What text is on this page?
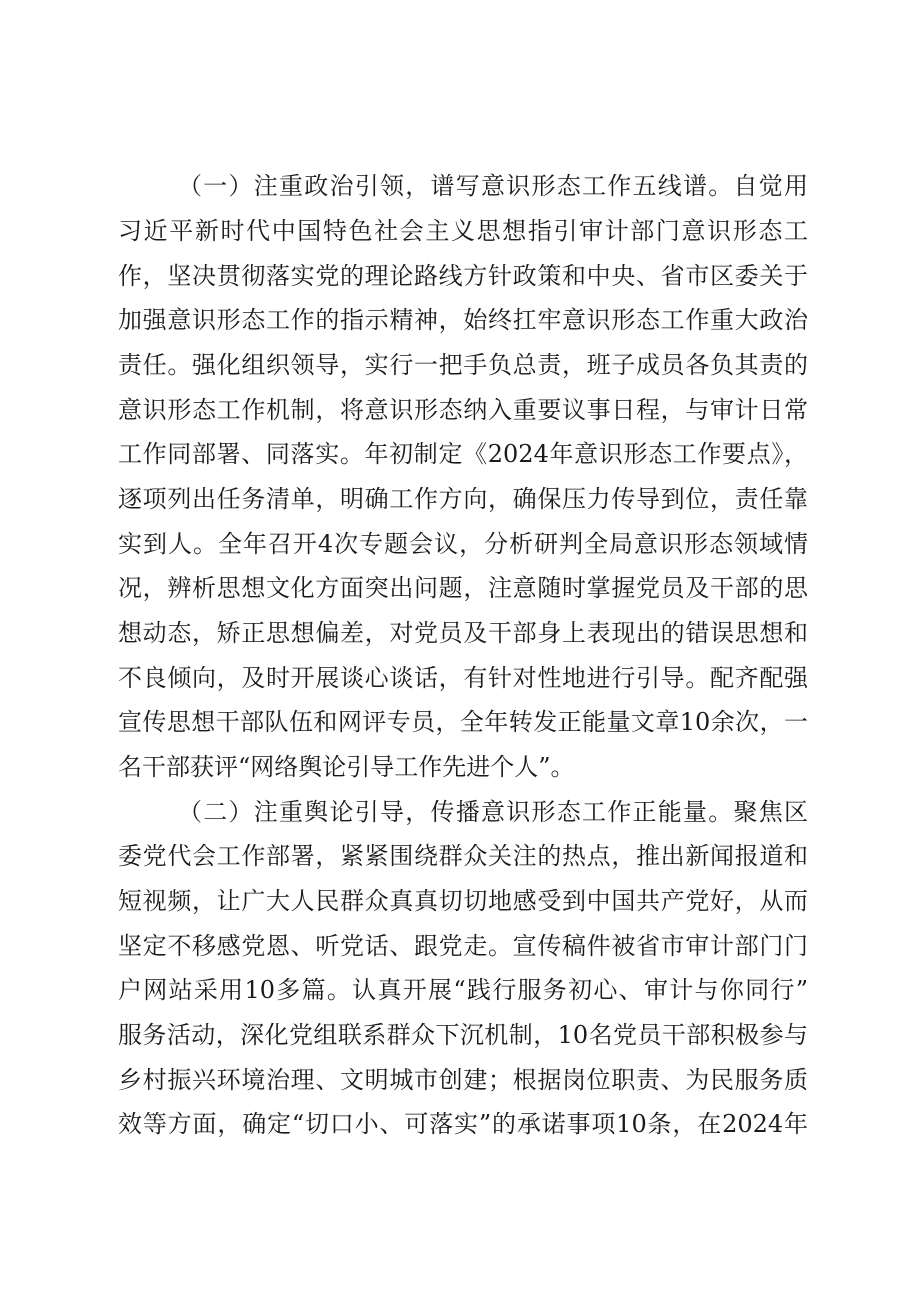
（一）注重政治引领，谱写意识形态工作五线谱。自觉用
习近平新时代中国特色社会主义思想指引审计部门意识形态工
作，坚决贯彻落实党的理论路线方针政策和中央、省市区委关于
加强意识形态工作的指示精神，始终扛牢意识形态工作重大政治
责任。强化组织领导，实行一把手负总责，班子成员各负其责的
意识形态工作机制，将意识形态纳入重要议事日程，与审计日常
工作同部署、同落实。年初制定《2024年意识形态工作要点》，
逐项列出任务清单，明确工作方向，确保压力传导到位，责任靠
实到人。全年召开4次专题会议，分析研判全局意识形态领域情
况，辨析思想文化方面突出问题，注意随时掌握党员及干部的思
想动态，矫正思想偏差，对党员及干部身上表现出的错误思想和
不良倾向，及时开展谈心谈话，有针对性地进行引导。配齐配强
宣传思想干部队伍和网评专员，全年转发正能量文章10余次，一
名干部获评“网络舆论引导工作先进个人”。
（二）注重舆论引导，传播意识形态工作正能量。聚焦区
委党代会工作部署，紧紧围绕群众关注的热点，推出新闻报道和
短视频，让广大人民群众真真切切地感受到中国共产党好，从而
坚定不移感党恩、听党话、跟党走。宣传稿件被省市审计部门门
户网站采用10多篇。认真开展“践行服务初心、审计与你同行”
服务活动，深化党组联系群众下沉机制，10名党员干部积极参与
乡村振兴环境治理、文明城市创建；根据岗位职责、为民服务质
效等方面，确定“切口小、可落实”的承诺事项10条，在2024年
